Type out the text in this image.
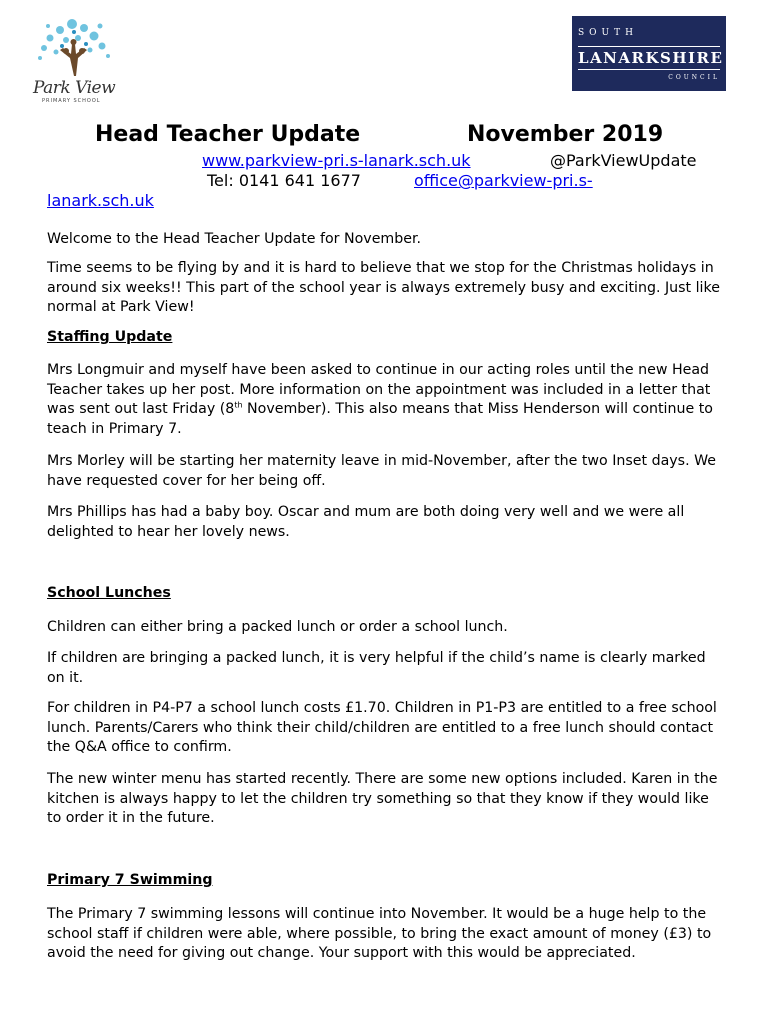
Park View
PRIMARY SCHOOL
SOUTH
LANARKSHIRE
COUNCIL
Head Teacher Update	November 2019
www.parkview-pri.s-lanark.sch.uk	@ParkViewUpdate
Tel: 0141 641 1677	office@parkview-pri.s-
lanark.sch.uk

Welcome to the Head Teacher Update for November.

Time seems to be flying by and it is hard to believe that we stop for the Christmas holidays in around six weeks!! This part of the school year is always extremely busy and exciting. Just like normal at Park View!

Staffing Update

Mrs Longmuir and myself have been asked to continue in our acting roles until the new Head Teacher takes up her post. More information on the appointment was included in a letter that was sent out last Friday (8th November). This also means that Miss Henderson will continue to teach in Primary 7.

Mrs Morley will be starting her maternity leave in mid-November, after the two Inset days. We have requested cover for her being off.

Mrs Phillips has had a baby boy. Oscar and mum are both doing very well and we were all delighted to hear her lovely news.

School Lunches

Children can either bring a packed lunch or order a school lunch.

If children are bringing a packed lunch, it is very helpful if the child’s name is clearly marked on it.

For children in P4-P7 a school lunch costs £1.70. Children in P1-P3 are entitled to a free school lunch. Parents/Carers who think their child/children are entitled to a free lunch should contact the Q&A office to confirm.

The new winter menu has started recently. There are some new options included. Karen in the kitchen is always happy to let the children try something so that they know if they would like to order it in the future.

Primary 7 Swimming

The Primary 7 swimming lessons will continue into November. It would be a huge help to the school staff if children were able, where possible, to bring the exact amount of money (£3) to avoid the need for giving out change. Your support with this would be appreciated.
